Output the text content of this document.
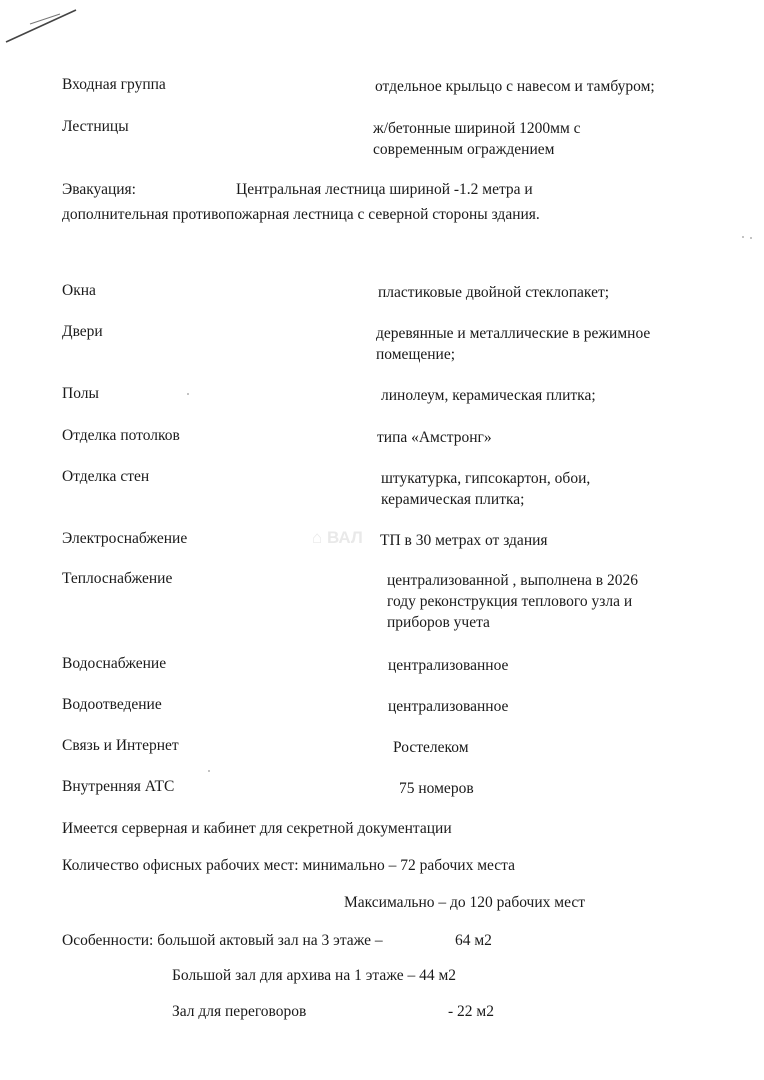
⌂ ВАЛ
Входная группа	отдельное крыльцо с навесом и тамбуром;
Лестницы	ж/бетонные шириной 1200мм с
современным ограждением
Эвакуация:	Центральная лестница шириной -1.2 метра и
дополнительная противопожарная лестница с северной стороны здания.
Окна	пластиковые двойной стеклопакет;
Двери	деревянные и металлические в режимное
помещение;
Полы	линолеум, керамическая плитка;
Отделка потолков	типа «Амстронг»
Отделка стен	штукатурка, гипсокартон, обои,
керамическая плитка;
Электроснабжение	ТП в 30 метрах от здания
Теплоснабжение	централизованной , выполнена в 2026
году реконструкция теплового узла и
приборов учета
Водоснабжение	централизованное
Водоотведение	централизованное
Связь и Интернет	Ростелеком
Внутренняя АТС	75 номеров
Имеется серверная и кабинет для секретной документации
Количество офисных рабочих мест: минимально – 72 рабочих места
Максимально – до 120 рабочих мест
Особенности: большой актовый зал на 3 этаже –	64 м2
Большой зал для архива на 1 этаже – 44 м2
Зал для переговоров	- 22 м2
